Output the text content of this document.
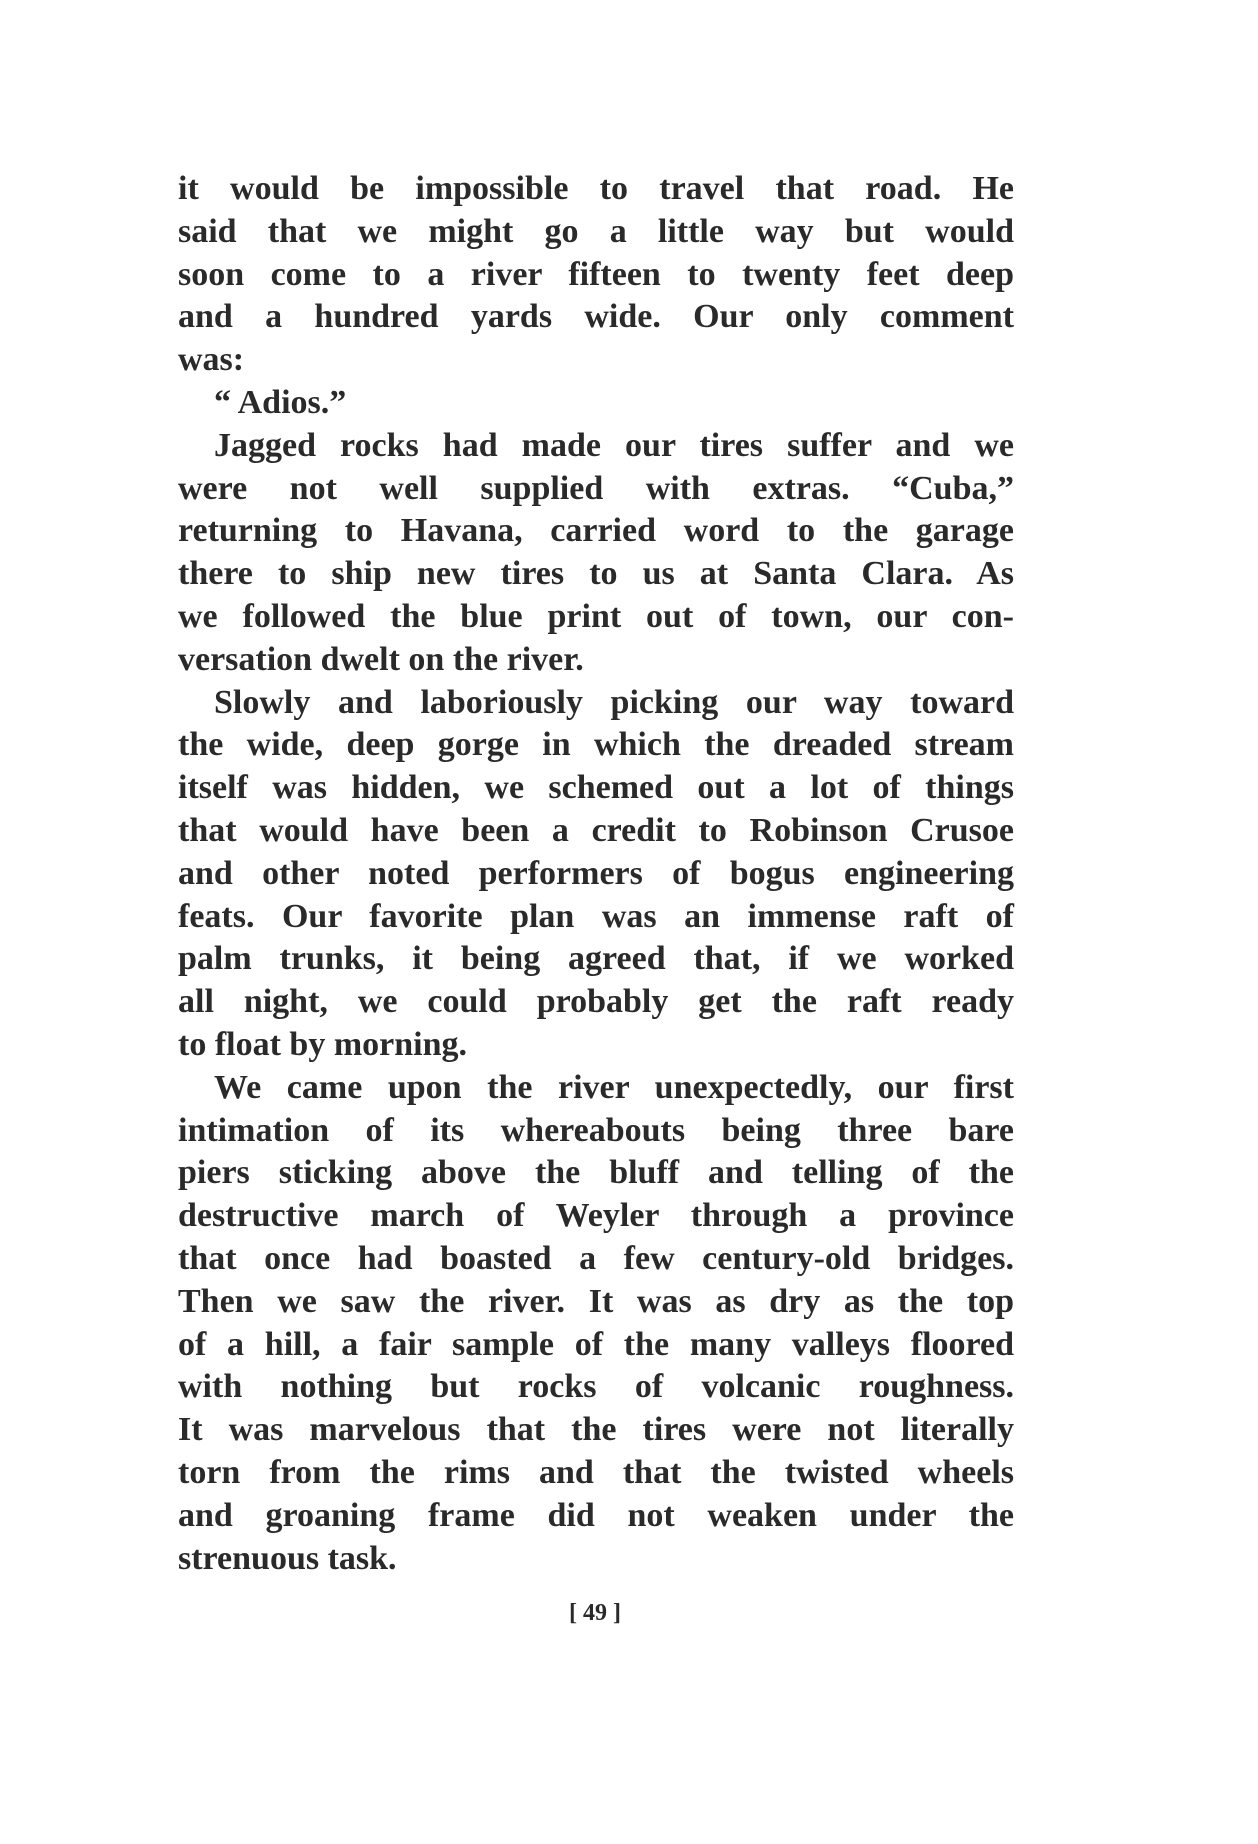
it would be impossible to travel that road. He
said that we might go a little way but would
soon come to a river fifteen to twenty feet deep
and a hundred yards wide. Our only comment
was:
“ Adios.”
Jagged rocks had made our tires suffer and we
were not well supplied with extras. “Cuba,”
returning to Havana, carried word to the garage
there to ship new tires to us at Santa Clara. As
we followed the blue print out of town, our con-
versation dwelt on the river.
Slowly and laboriously picking our way toward
the wide, deep gorge in which the dreaded stream
itself was hidden, we schemed out a lot of things
that would have been a credit to Robinson Crusoe
and other noted performers of bogus engineering
feats. Our favorite plan was an immense raft of
palm trunks, it being agreed that, if we worked
all night, we could probably get the raft ready
to float by morning.
We came upon the river unexpectedly, our first
intimation of its whereabouts being three bare
piers sticking above the bluff and telling of the
destructive march of Weyler through a province
that once had boasted a few century-old bridges.
Then we saw the river. It was as dry as the top
of a hill, a fair sample of the many valleys floored
with nothing but rocks of volcanic roughness.
It was marvelous that the tires were not literally
torn from the rims and that the twisted wheels
and groaning frame did not weaken under the
strenuous task.
[ 49 ]
